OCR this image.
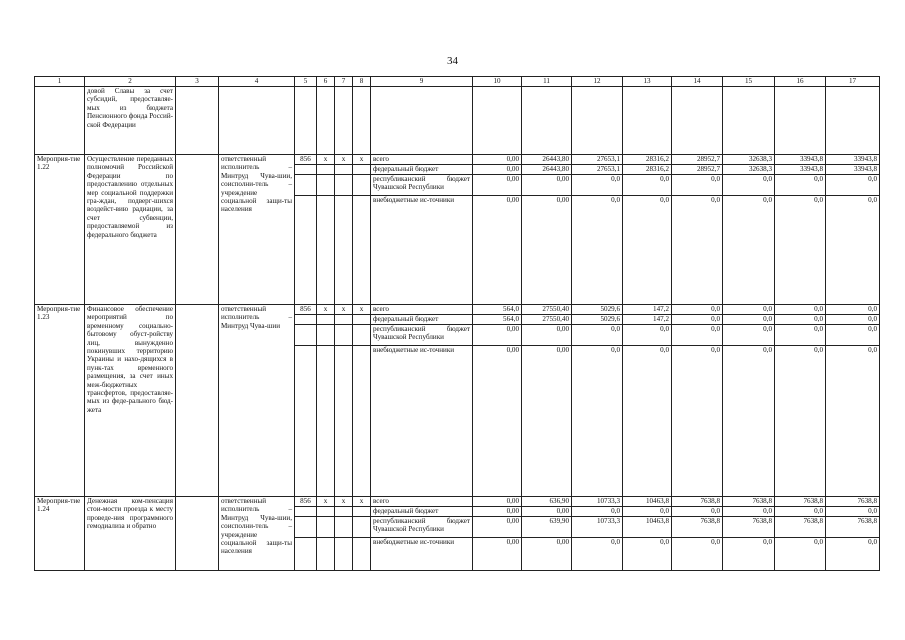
34
1	2	3	4	5	6	7	8	9	10	11	12	13	14	15	16	17
	довой Славы за счет субсидий, предоставляе-мых из бюджета Пенсионного фонда Россий-ской Федерации															
Мероприя-тие 1.22	Осуществление переданных полномочий Российской Федерации по предоставлению отдельных мер социальной поддержки гра-ждан, подверг-шихся воздейст-вию радиации, за счет субвенции, предоставляемой из федерального бюджета		ответственный исполнитель – Минтруд Чува-шии, соисполни-тель – учреждение социальной защи-ты населения	856	х	х	х	всего	0,00	26443,80	27653,1	28316,2	28952,7	32638,3	33943,8	33943,8
								федеральный бюджет	0,00	26443,80	27653,1	28316,2	28952,7	32638,3	33943,8	33943,8
								республиканский бюджет Чувашской Республики	0,00	0,00	0,0	0,0	0,0	0,0	0,0	0,0
								внебюджетные ис-точники	0,00	0,00	0,0	0,0	0,0	0,0	0,0	0,0
Мероприя-тие 1.23	Финансовое обеспечение мероприятий по временному социально-бытовому обуст-ройству лиц, вынужденно покинувших территорию Украины и нахо-дящихся в пунк-тах временного размещения, за счет иных меж-бюджетных трансфертов, предоставляе-мых из феде-рального бюд-жета		ответственный исполнитель – Минтруд Чува-шии	856	х	х	х	всего	564,0	27550,40	5029,6	147,2	0,0	0,0	0,0	0,0
								федеральный бюджет	564,0	27550,40	5029,6	147,2	0,0	0,0	0,0	0,0
								республиканский бюджет Чувашской Республики	0,00	0,00	0,0	0,0	0,0	0,0	0,0	0,0
								внебюджетные ис-точники	0,00	0,00	0,0	0,0	0,0	0,0	0,0	0,0
Мероприя-тие 1.24	Денежная ком-пенсация стои-мости проезда к месту проведе-ния программного гемодиализа и обратно		ответственный исполнитель – Минтруд Чува-шии, соисполни-тель – учреждение социальной защи-ты населения	856	х	х	х	всего	0,00	636,90	10733,3	10463,8	7638,8	7638,8	7638,8	7638,8
								федеральный бюджет	0,00	0,00	0,0	0,0	0,0	0,0	0,0	0,0
								республиканский бюджет Чувашской Республики	0,00	639,90	10733,3	10463,8	7638,8	7638,8	7638,8	7638,8
								внебюджетные ис-точники	0,00	0,00	0,0	0,0	0,0	0,0	0,0	0,0
